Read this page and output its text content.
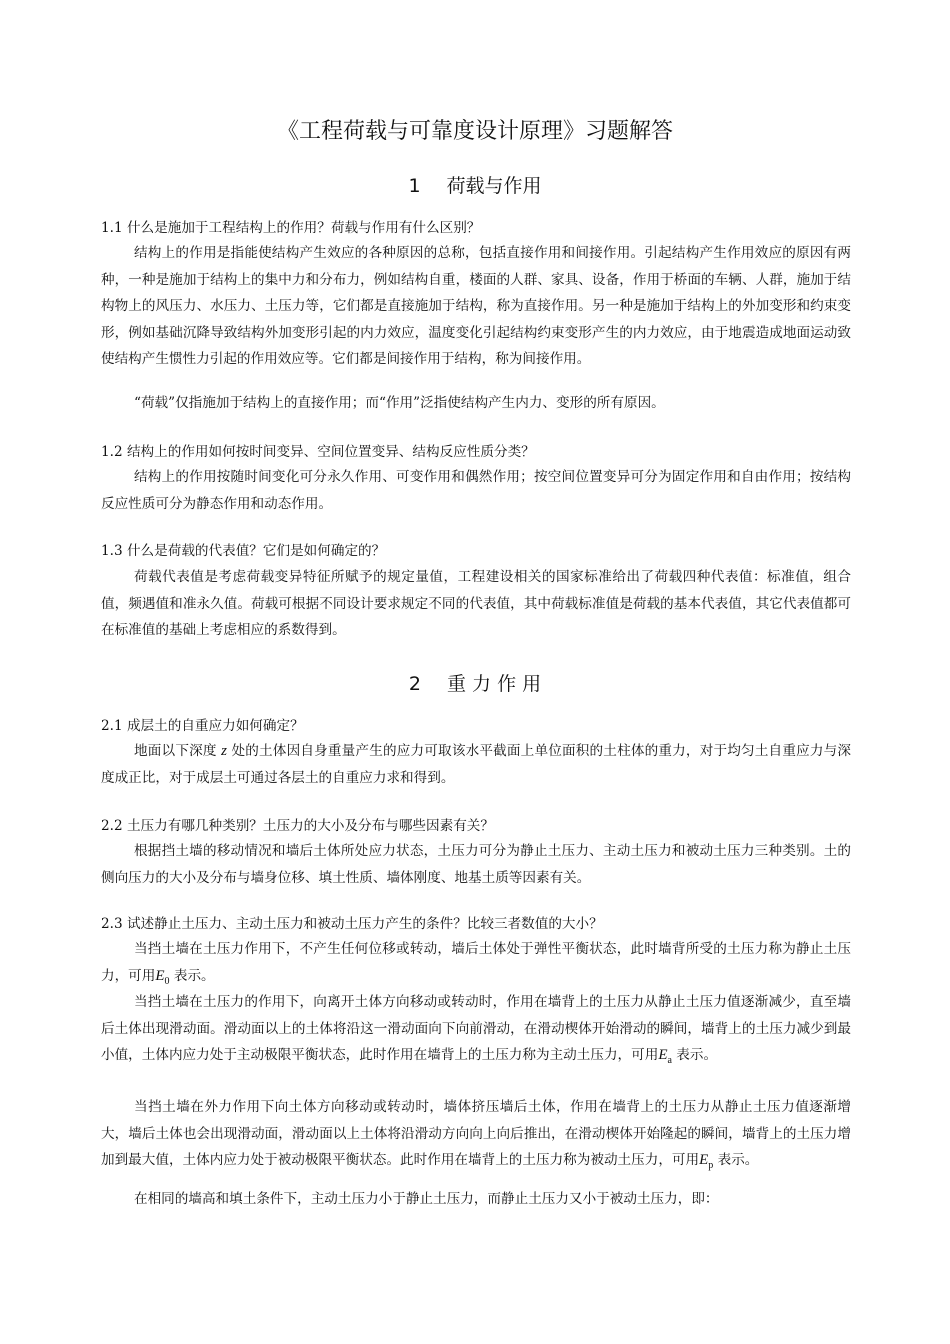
《工程荷载与可靠度设计原理》习题解答
1 荷载与作用
1.1 什么是施加于工程结构上的作用？荷载与作用有什么区别？
结构上的作用是指能使结构产生效应的各种原因的总称，包括直接作用和间接作用。引起结构产生作用效应的原因有两种，一种是施加于结构上的集中力和分布力，例如结构自重，楼面的人群、家具、设备，作用于桥面的车辆、人群，施加于结构物上的风压力、水压力、土压力等，它们都是直接施加于结构，称为直接作用。另一种是施加于结构上的外加变形和约束变形，例如基础沉降导致结构外加变形引起的内力效应，温度变化引起结构约束变形产生的内力效应，由于地震造成地面运动致使结构产生惯性力引起的作用效应等。它们都是间接作用于结构，称为间接作用。
“荷载”仅指施加于结构上的直接作用；而“作用”泛指使结构产生内力、变形的所有原因。
1.2 结构上的作用如何按时间变异、空间位置变异、结构反应性质分类？
结构上的作用按随时间变化可分永久作用、可变作用和偶然作用；按空间位置变异可分为固定作用和自由作用；按结构反应性质可分为静态作用和动态作用。
1.3 什么是荷载的代表值？它们是如何确定的？
荷载代表值是考虑荷载变异特征所赋予的规定量值，工程建设相关的国家标准给出了荷载四种代表值：标准值，组合值，频遇值和准永久值。荷载可根据不同设计要求规定不同的代表值，其中荷载标准值是荷载的基本代表值，其它代表值都可在标准值的基础上考虑相应的系数得到。
2 重 力 作 用
2.1 成层土的自重应力如何确定？
地面以下深度 z 处的土体因自身重量产生的应力可取该水平截面上单位面积的土柱体的重力，对于均匀土自重应力与深度成正比，对于成层土可通过各层土的自重应力求和得到。
2.2 土压力有哪几种类别？土压力的大小及分布与哪些因素有关？
根据挡土墙的移动情况和墙后土体所处应力状态，土压力可分为静止土压力、主动土压力和被动土压力三种类别。土的侧向压力的大小及分布与墙身位移、填土性质、墙体刚度、地基土质等因素有关。
2.3 试述静止土压力、主动土压力和被动土压力产生的条件？比较三者数值的大小？
当挡土墙在土压力作用下，不产生任何位移或转动，墙后土体处于弹性平衡状态，此时墙背所受的土压力称为静止土压力，可用$E_0$ 表示。
当挡土墙在土压力的作用下，向离开土体方向移动或转动时，作用在墙背上的土压力从静止土压力值逐渐减少，直至墙后土体出现滑动面。滑动面以上的土体将沿这一滑动面向下向前滑动，在滑动楔体开始滑动的瞬间，墙背上的土压力减少到最小值，土体内应力处于主动极限平衡状态，此时作用在墙背上的土压力称为主动土压力，可用$E_a$ 表示。
当挡土墙在外力作用下向土体方向移动或转动时，墙体挤压墙后土体，作用在墙背上的土压力从静止土压力值逐渐增大，墙后土体也会出现滑动面，滑动面以上土体将沿滑动方向向上向后推出，在滑动楔体开始隆起的瞬间，墙背上的土压力增加到最大值，土体内应力处于被动极限平衡状态。此时作用在墙背上的土压力称为被动土压力，可用$E_p$ 表示。
在相同的墙高和填土条件下，主动土压力小于静止土压力，而静止土压力又小于被动土压力，即：
